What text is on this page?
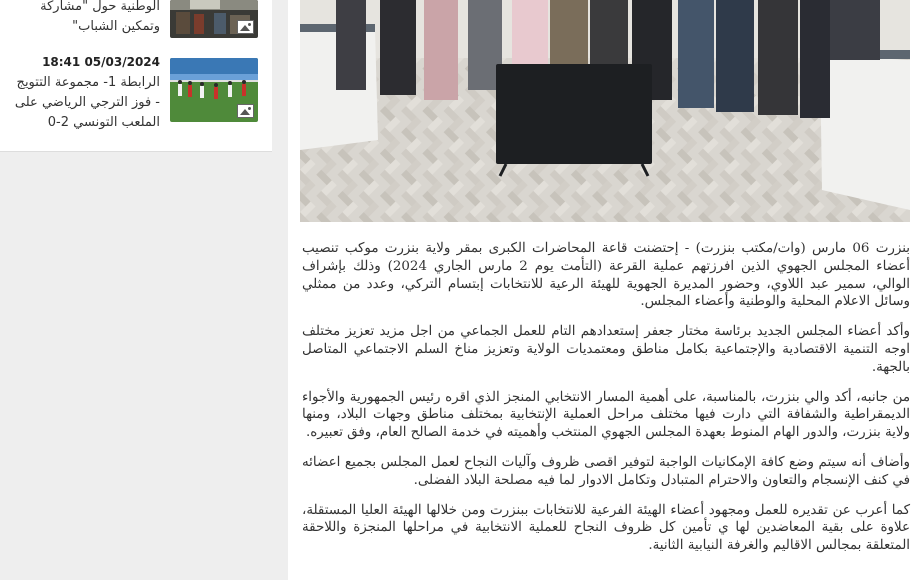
الوطنية حول "مشاركة
وتمكين الشباب"
18:41 05/03/2024
الرابطة 1- مجموعة التتويج
- فوز الترجي الرياضي على
الملعب التونسي 2-0

بنزرت 06 مارس (وات/مكتب بنزرت) - إحتضنت قاعة المحاضرات الكبرى بمقر ولاية بنزرت موكب تنصيب أعضاء المجلس الجهوي الذين افرزتهم عملية القرعة (التأمت يوم 2 مارس الجاري 2024) وذلك بإشراف الوالي، سمير عبد اللاوي، وحضور المديرة الجهوية للهيئة الرعية للانتخابات إبتسام التركي، وعدد من ممثلي وسائل الاعلام المحلية والوطنية وأعضاء المجلس.

وأكد أعضاء المجلس الجديد برئاسة مختار جعفر إستعدادهم التام للعمل الجماعي من اجل مزيد تعزيز مختلف اوجه التنمية الاقتصادية والإجتماعية بكامل مناطق ومعتمديات الولاية وتعزيز مناخ السلم الاجتماعي المتاصل بالجهة.

من جانبه، أكد والي بنزرت، بالمناسبة، على أهمية المسار الانتخابي المنجز الذي اقره رئيس الجمهورية والأجواء الديمقراطية والشفافة التي دارت فيها مختلف مراحل العملية الإنتخابية بمختلف مناطق وجهات البلاد، ومنها ولاية بنزرت، والدور الهام المنوط بعهدة المجلس الجهوي المنتخب وأهميته في خدمة الصالح العام، وفق تعبيره.

وأضاف أنه سيتم وضع كافة الإمكانيات الواجبة لتوفير اقصى ظروف وآليات النجاح لعمل المجلس بجميع اعضائه في كنف الإنسجام والتعاون والاحترام المتبادل وتكامل الادوار لما فيه مصلحة البلاد الفضلى.

كما أعرب عن تقديره للعمل ومجهود أعضاء الهيئة الفرعية للانتخابات ببنزرت ومن خلالها الهيئة العليا المستقلة، علاوة على بقية المعاضدين لها ي تأمين كل ظروف النجاح للعملية الانتخابية في مراحلها المنجزة واللاحقة المتعلقة بمجالس الاقاليم والغرفة النيابية الثانية.
